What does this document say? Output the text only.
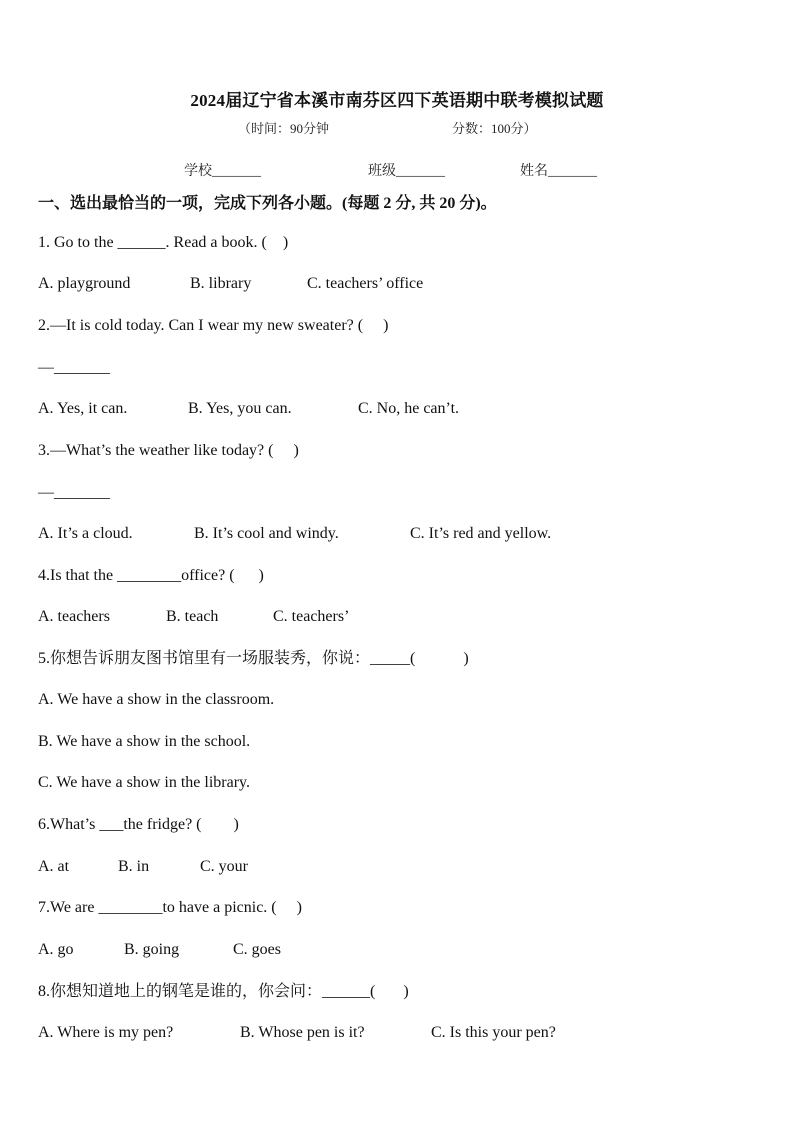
2024届辽宁省本溪市南芬区四下英语期中联考模拟试题
（时间：90分钟	分数：100分）
学校_______	班级_______	姓名_______
一、选出最恰当的一项，完成下列各小题。(每题 2 分, 共 20 分)。
1. Go to the ______. Read a book. (    )
A. playground	B. library	C. teachers’ office
2.—It is cold today. Can I wear my new sweater? (     )
—_______
A. Yes, it can.	B. Yes, you can.	C. No, he can’t.
3.—What’s the weather like today? (     )
—_______
A. It’s a cloud.	B. It’s cool and windy.	C. It’s red and yellow.
4.Is that the ________office? (      )
A. teachers	B. teach	C. teachers’
5.你想告诉朋友图书馆里有一场服装秀，你说：_____(            )
A. We have a show in the classroom.
B. We have a show in the school.
C. We have a show in the library.
6.What’s ___the fridge? (        )
A. at	B. in	C. your
7.We are ________to have a picnic. (     )
A. go	B. going	C. goes
8.你想知道地上的钢笔是谁的，你会问：______(       )
A. Where is my pen?	B. Whose pen is it?	C. Is this your pen?
